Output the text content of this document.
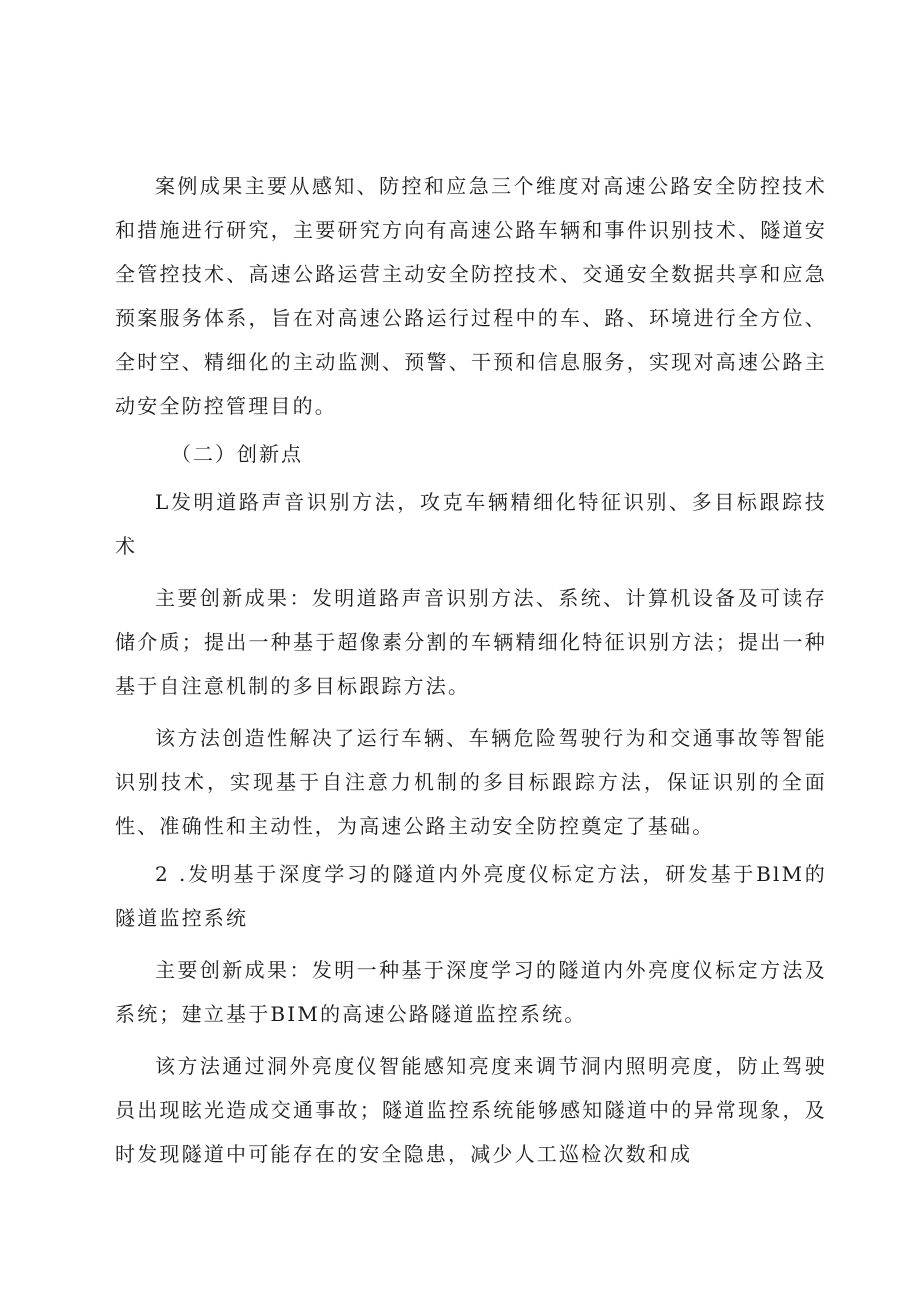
案例成果主要从感知、防控和应急三个维度对高速公路安全防控技术和措施进行研究，主要研究方向有高速公路车辆和事件识别技术、隧道安全管控技术、高速公路运营主动安全防控技术、交通安全数据共享和应急预案服务体系，旨在对高速公路运行过程中的车、路、环境进行全方位、全时空、精细化的主动监测、预警、干预和信息服务，实现对高速公路主动安全防控管理目的。

（二）创新点

L发明道路声音识别方法，攻克车辆精细化特征识别、多目标跟踪技术

主要创新成果：发明道路声音识别方法、系统、计算机设备及可读存储介质；提出一种基于超像素分割的车辆精细化特征识别方法；提出一种基于自注意机制的多目标跟踪方法。

该方法创造性解决了运行车辆、车辆危险驾驶行为和交通事故等智能识别技术，实现基于自注意力机制的多目标跟踪方法，保证识别的全面性、准确性和主动性，为高速公路主动安全防控奠定了基础。

2 .发明基于深度学习的隧道内外亮度仪标定方法，研发基于BlM的隧道监控系统

主要创新成果：发明一种基于深度学习的隧道内外亮度仪标定方法及系统；建立基于BIM的高速公路隧道监控系统。

该方法通过洞外亮度仪智能感知亮度来调节洞内照明亮度，防止驾驶员出现眩光造成交通事故；隧道监控系统能够感知隧道中的异常现象，及时发现隧道中可能存在的安全隐患，减少人工巡检次数和成
